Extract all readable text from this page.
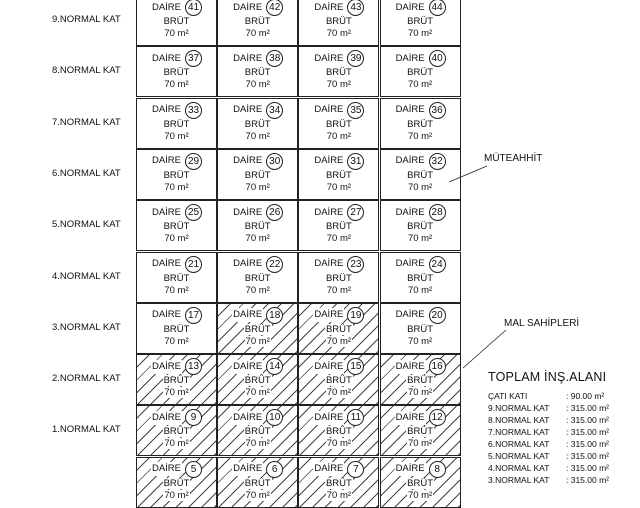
9.NORMAL KAT
8.NORMAL KAT
7.NORMAL KAT
6.NORMAL KAT
5.NORMAL KAT
4.NORMAL KAT
3.NORMAL KAT
2.NORMAL KAT
1.NORMAL KAT
DAİRE 41
BRÜT
70 m²
DAİRE 42
BRÜT
70 m²
DAİRE 43
BRÜT
70 m²
DAİRE 44
BRÜT
70 m²
DAİRE 37
BRÜT
70 m²
DAİRE 38
BRÜT
70 m²
DAİRE 39
BRÜT
70 m²
DAİRE 40
BRÜT
70 m²
DAİRE 33
BRÜT
70 m²
DAİRE 34
BRÜT
70 m²
DAİRE 35
BRÜT
70 m²
DAİRE 36
BRÜT
70 m²
DAİRE 29
BRÜT
70 m²
DAİRE 30
BRÜT
70 m²
DAİRE 31
BRÜT
70 m²
DAİRE 32
BRÜT
70 m²
DAİRE 25
BRÜT
70 m²
DAİRE 26
BRÜT
70 m²
DAİRE 27
BRÜT
70 m²
DAİRE 28
BRÜT
70 m²
DAİRE 21
BRÜT
70 m²
DAİRE 22
BRÜT
70 m²
DAİRE 23
BRÜT
70 m²
DAİRE 24
BRÜT
70 m²
DAİRE 17
BRÜT
70 m²
DAİRE 18
BRÜT
70 m²
DAİRE 19
BRÜT
70 m²
DAİRE 20
BRÜT
70 m²
DAİRE 13
BRÜT
70 m²
DAİRE 14
BRÜT
70 m²
DAİRE 15
BRÜT
70 m²
DAİRE 16
BRÜT
70 m²
DAİRE 9
BRÜT
70 m²
DAİRE 10
BRÜT
70 m²
DAİRE 11
BRÜT
70 m²
DAİRE 12
BRÜT
70 m²
DAİRE 5
BRÜT
70 m²
DAİRE 6
BRÜT
70 m²
DAİRE 7
BRÜT
70 m²
DAİRE 8
BRÜT
70 m²
MÜTEAHHİT
MAL SAHİPLERİ
TOPLAM İNŞ.ALANI
ÇATI KATI	: 90.00 m²
9.NORMAL KAT	: 315.00 m²
8.NORMAL KAT	: 315.00 m²
7.NORMAL KAT	: 315.00 m²
6.NORMAL KAT	: 315.00 m²
5.NORMAL KAT	: 315.00 m²
4.NORMAL KAT	: 315.00 m²
3.NORMAL KAT	: 315.00 m²
